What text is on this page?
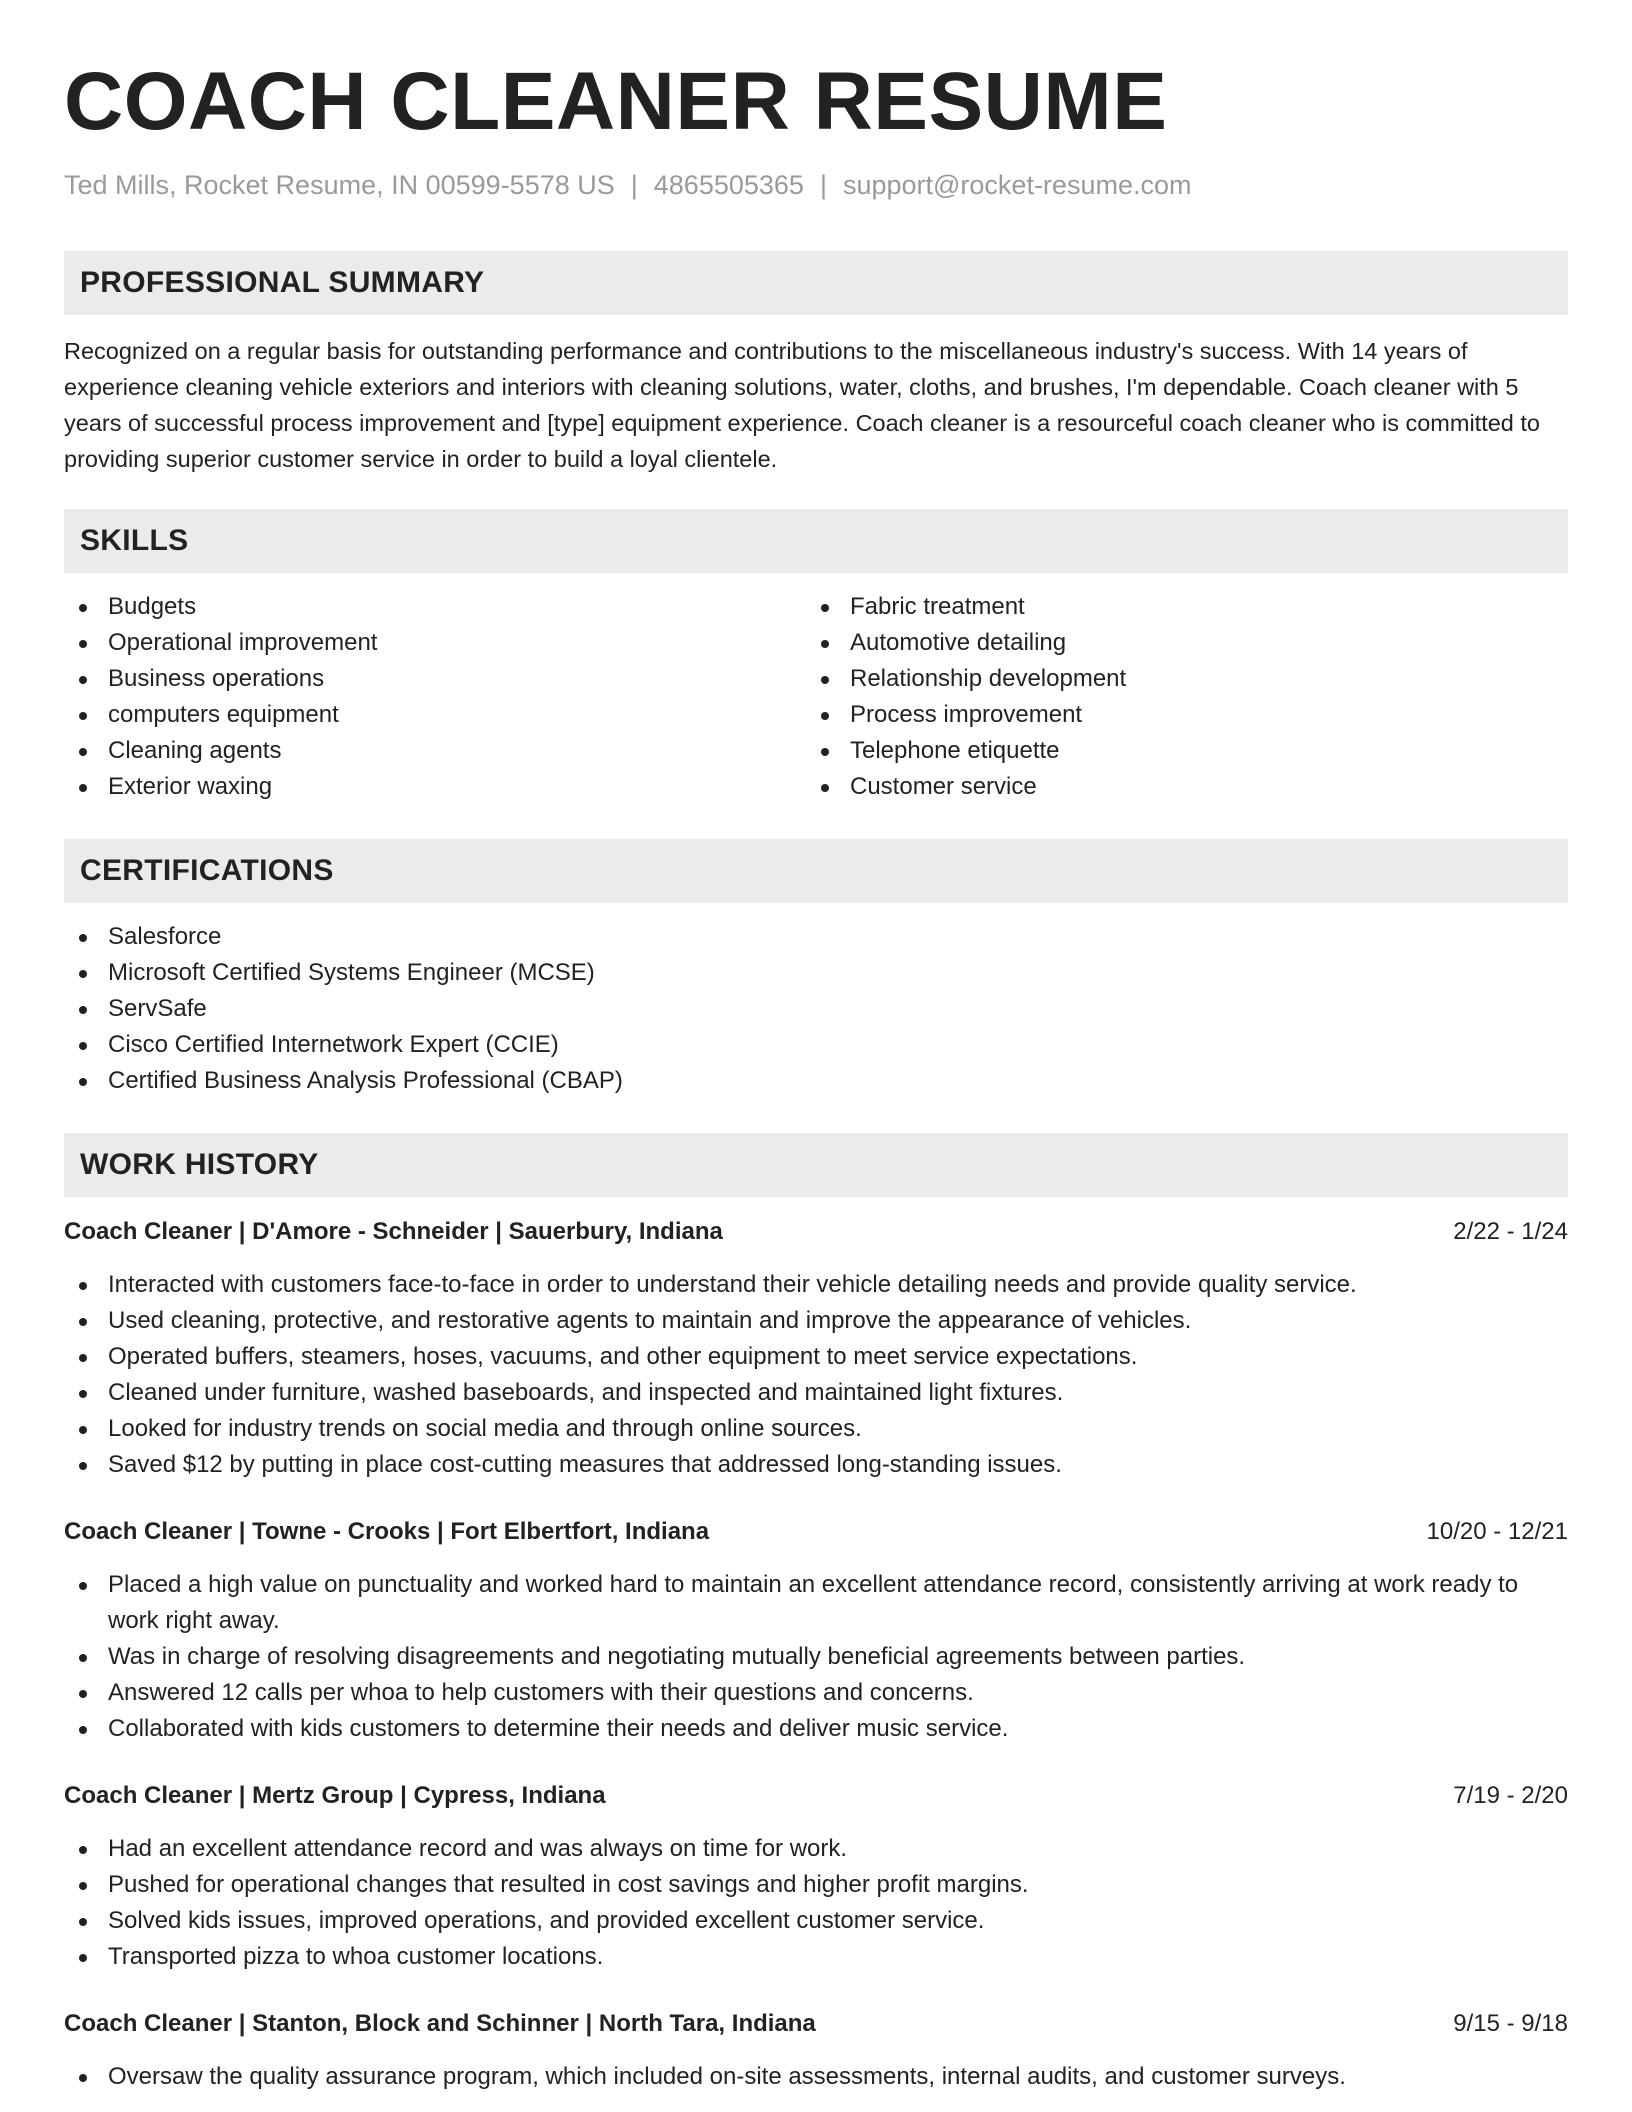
COACH CLEANER RESUME
Ted Mills, Rocket Resume, IN 00599-5578 US | 4865505365 | support@rocket-resume.com
PROFESSIONAL SUMMARY

Recognized on a regular basis for outstanding performance and contributions to the miscellaneous industry's success. With 14 years of experience cleaning vehicle exteriors and interiors with cleaning solutions, water, cloths, and brushes, I'm dependable. Coach cleaner with 5 years of successful process improvement and [type] equipment experience. Coach cleaner is a resourceful coach cleaner who is committed to providing superior customer service in order to build a loyal clientele.

SKILLS
Budgets
Operational improvement
Business operations
computers equipment
Cleaning agents
Exterior waxing
Fabric treatment
Automotive detailing
Relationship development
Process improvement
Telephone etiquette
Customer service
CERTIFICATIONS
Salesforce
Microsoft Certified Systems Engineer (MCSE)
ServSafe
Cisco Certified Internetwork Expert (CCIE)
Certified Business Analysis Professional (CBAP)
WORK HISTORY
Coach Cleaner | D'Amore - Schneider | Sauerbury, Indiana	2/22 - 1/24
Interacted with customers face-to-face in order to understand their vehicle detailing needs and provide quality service.
Used cleaning, protective, and restorative agents to maintain and improve the appearance of vehicles.
Operated buffers, steamers, hoses, vacuums, and other equipment to meet service expectations.
Cleaned under furniture, washed baseboards, and inspected and maintained light fixtures.
Looked for industry trends on social media and through online sources.
Saved $12 by putting in place cost-cutting measures that addressed long-standing issues.
Coach Cleaner | Towne - Crooks | Fort Elbertfort, Indiana	10/20 - 12/21
Placed a high value on punctuality and worked hard to maintain an excellent attendance record, consistently arriving at work ready to work right away.
Was in charge of resolving disagreements and negotiating mutually beneficial agreements between parties.
Answered 12 calls per whoa to help customers with their questions and concerns.
Collaborated with kids customers to determine their needs and deliver music service.
Coach Cleaner | Mertz Group | Cypress, Indiana	7/19 - 2/20
Had an excellent attendance record and was always on time for work.
Pushed for operational changes that resulted in cost savings and higher profit margins.
Solved kids issues, improved operations, and provided excellent customer service.
Transported pizza to whoa customer locations.
Coach Cleaner | Stanton, Block and Schinner | North Tara, Indiana	9/15 - 9/18
Oversaw the quality assurance program, which included on-site assessments, internal audits, and customer surveys.
